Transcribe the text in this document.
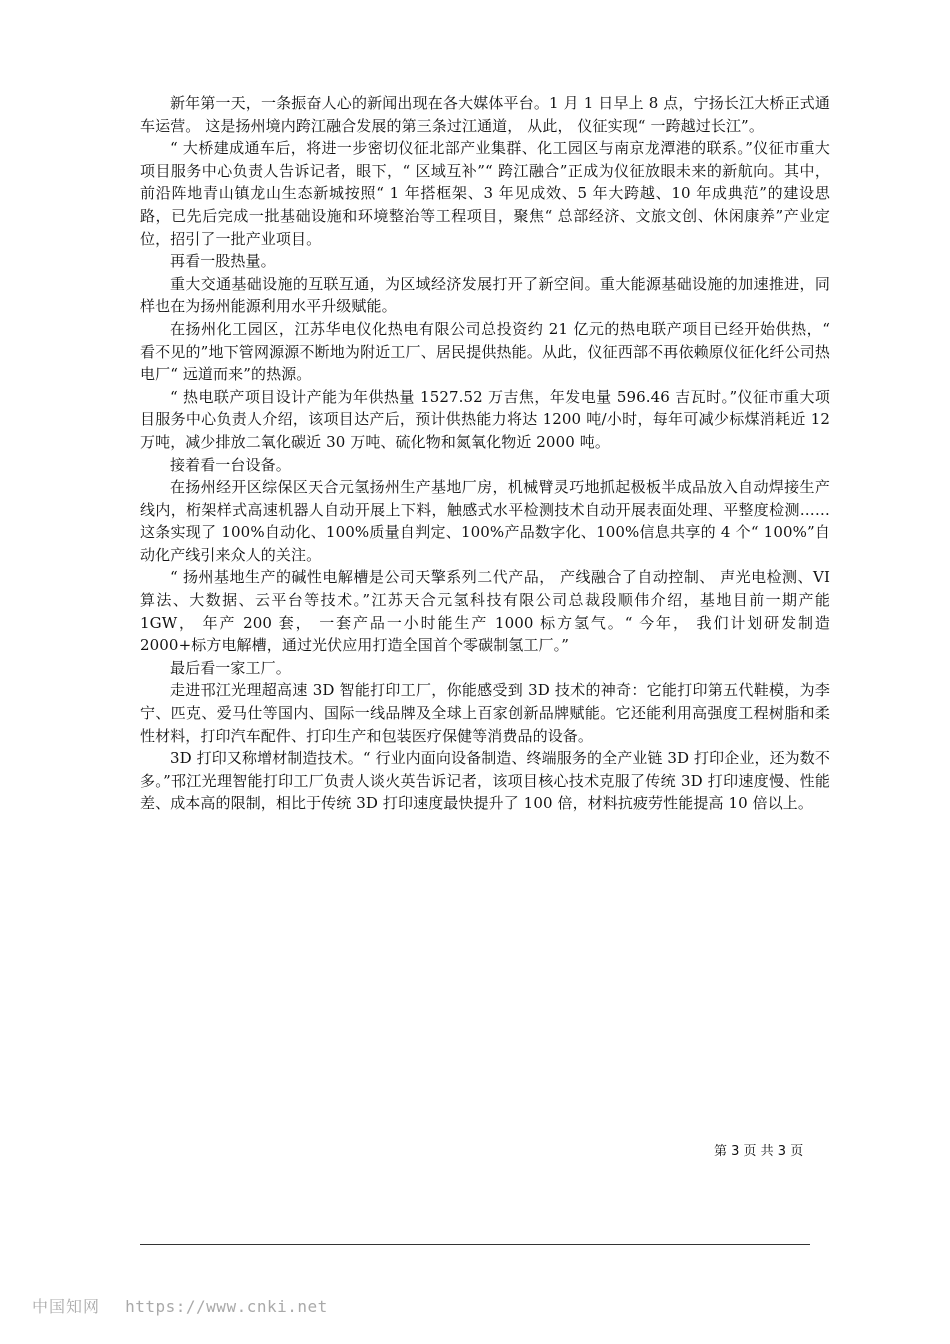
新年第一天，一条振奋人心的新闻出现在各大媒体平台。1 月 1 日早上 8 点，宁扬长江大桥正式通车运营。 这是扬州境内跨江融合发展的第三条过江通道， 从此， 仪征实现“ 一跨越过长江”。

“ 大桥建成通车后，将进一步密切仪征北部产业集群、化工园区与南京龙潭港的联系。”仪征市重大项目服务中心负责人告诉记者，眼下，“ 区域互补”“ 跨江融合”正成为仪征放眼未来的新航向。其中，前沿阵地青山镇龙山生态新城按照“ 1 年搭框架、3 年见成效、5 年大跨越、10 年成典范”的建设思路，已先后完成一批基础设施和环境整治等工程项目，聚焦“ 总部经济、文旅文创、休闲康养”产业定位，招引了一批产业项目。

再看一股热量。

重大交通基础设施的互联互通，为区域经济发展打开了新空间。重大能源基础设施的加速推进，同样也在为扬州能源利用水平升级赋能。

在扬州化工园区，江苏华电仪化热电有限公司总投资约 21 亿元的热电联产项目已经开始供热，“ 看不见的”地下管网源源不断地为附近工厂、居民提供热能。从此，仪征西部不再依赖原仪征化纤公司热电厂“ 远道而来”的热源。

“ 热电联产项目设计产能为年供热量 1527.52 万吉焦，年发电量 596.46 吉瓦时。”仪征市重大项目服务中心负责人介绍，该项目达产后，预计供热能力将达 1200 吨/小时，每年可减少标煤消耗近 12 万吨，减少排放二氧化碳近 30 万吨、硫化物和氮氧化物近 2000 吨。

接着看一台设备。

在扬州经开区综保区天合元氢扬州生产基地厂房，机械臂灵巧地抓起极板半成品放入自动焊接生产线内，桁架样式高速机器人自动开展上下料，触感式水平检测技术自动开展表面处理、平整度检测……这条实现了 100%自动化、100%质量自判定、100%产品数字化、100%信息共享的 4 个“ 100%”自动化产线引来众人的关注。

“ 扬州基地生产的碱性电解槽是公司天擎系列二代产品， 产线融合了自动控制、 声光电检测、VI 算法、大数据、云平台等技术。”江苏天合元氢科技有限公司总裁段顺伟介绍，基地目前一期产能 1GW， 年产 200 套， 一套产品一小时能生产 1000 标方氢气。“ 今年， 我们计划研发制造 2000+标方电解槽，通过光伏应用打造全国首个零碳制氢工厂。”

最后看一家工厂。

走进邗江光理超高速 3D 智能打印工厂，你能感受到 3D 技术的神奇：它能打印第五代鞋模，为李宁、匹克、爱马仕等国内、国际一线品牌及全球上百家创新品牌赋能。它还能利用高强度工程树脂和柔性材料，打印汽车配件、打印生产和包装医疗保健等消费品的设备。

3D 打印又称增材制造技术。“ 行业内面向设备制造、终端服务的全产业链 3D 打印企业，还为数不多。”邗江光理智能打印工厂负责人谈火英告诉记者，该项目核心技术克服了传统 3D 打印速度慢、性能差、成本高的限制，相比于传统 3D 打印速度最快提升了 100 倍，材料抗疲劳性能提高 10 倍以上。

第 3 页 共 3 页
中国知网 https://www.cnki.net
